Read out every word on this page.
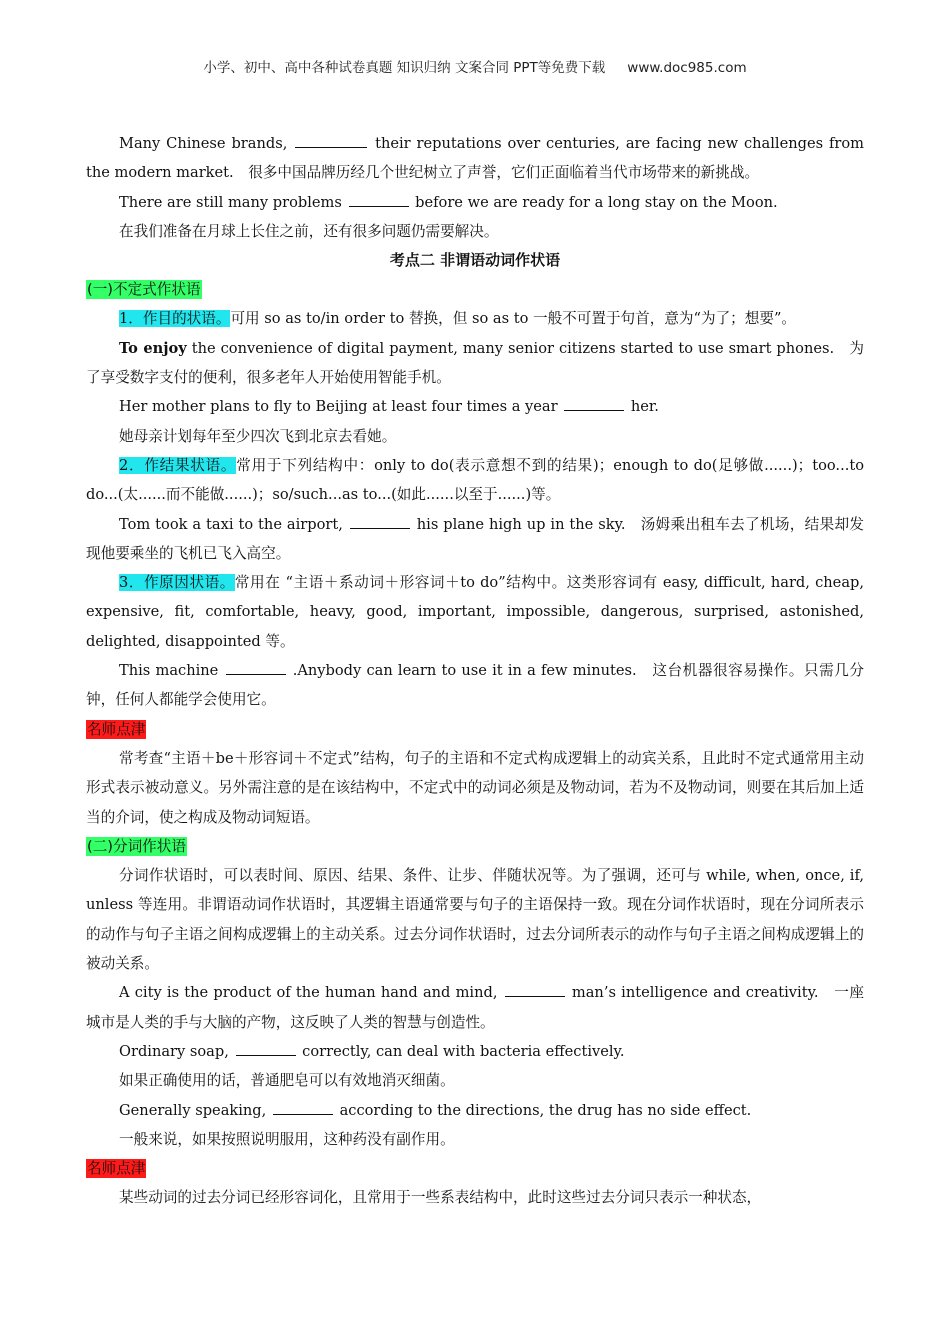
小学、初中、高中各种试卷真题 知识归纳 文案合同 PPT等免费下载 www.doc985.com

Many Chinese brands,	their reputations over centuries, are facing new challenges from the modern market.　很多中国品牌历经几个世纪树立了声誉，它们正面临着当代市场带来的新挑战。

There are still many problems	before we are ready for a long stay on the Moon.

在我们准备在月球上长住之前，还有很多问题仍需要解决。

考点二 非谓语动词作状语

(一)不定式作状语

1．作目的状语。可用 so as to/in order to 替换，但 so as to 一般不可置于句首，意为“为了；想要”。

To enjoy the convenience of digital payment, many senior citizens started to use smart phones.　为了享受数字支付的便利，很多老年人开始使用智能手机。

Her mother plans to fly to Beijing at least four times a year	her.

她母亲计划每年至少四次飞到北京去看她。

2．作结果状语。常用于下列结构中：only to do(表示意想不到的结果)；enough to do(足够做......)；too...to do...(太......而不能做......)；so/such...as to...(如此......以至于......)等。

Tom took a taxi to the airport,	his plane high up in the sky.　汤姆乘出租车去了机场，结果却发现他要乘坐的飞机已飞入高空。

3．作原因状语。常用在 “主语＋系动词＋形容词＋to do”结构中。这类形容词有 easy, difficult, hard, cheap, expensive, fit, comfortable, heavy, good, important, impossible, dangerous, surprised, astonished, delighted, disappointed 等。

This machine	.Anybody can learn to use it in a few minutes.　这台机器很容易操作。只需几分钟，任何人都能学会使用它。

名师点津

常考查“主语＋be＋形容词＋不定式”结构，句子的主语和不定式构成逻辑上的动宾关系，且此时不定式通常用主动形式表示被动意义。另外需注意的是在该结构中，不定式中的动词必须是及物动词，若为不及物动词，则要在其后加上适当的介词，使之构成及物动词短语。

(二)分词作状语

分词作状语时，可以表时间、原因、结果、条件、让步、伴随状况等。为了强调，还可与 while, when, once, if, unless 等连用。非谓语动词作状语时，其逻辑主语通常要与句子的主语保持一致。现在分词作状语时，现在分词所表示的动作与句子主语之间构成逻辑上的主动关系。过去分词作状语时，过去分词所表示的动作与句子主语之间构成逻辑上的被动关系。

A city is the product of the human hand and mind,	man’s intelligence and creativity.　一座城市是人类的手与大脑的产物，这反映了人类的智慧与创造性。

Ordinary soap,	correctly, can deal with bacteria effectively.

如果正确使用的话，普通肥皂可以有效地消灭细菌。

Generally speaking,	according to the directions, the drug has no side effect.

一般来说，如果按照说明服用，这种药没有副作用。

名师点津

某些动词的过去分词已经形容词化，且常用于一些系表结构中，此时这些过去分词只表示一种状态，
